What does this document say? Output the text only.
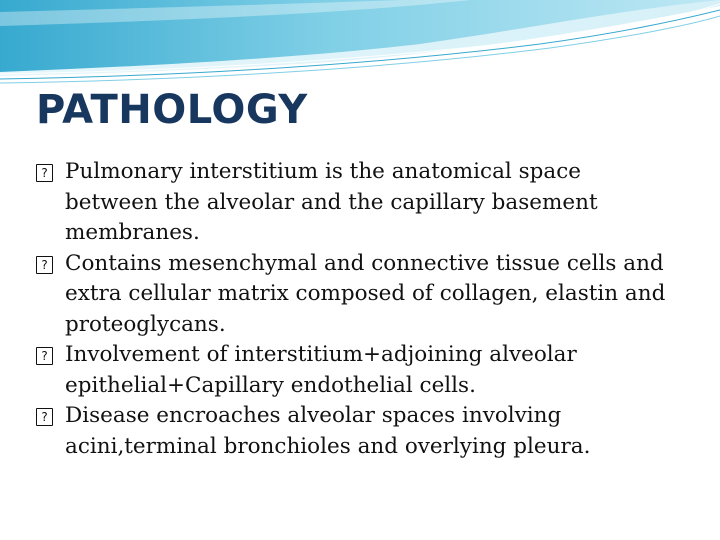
PATHOLOGY
? Pulmonary interstitium is the anatomical space between the alveolar and the capillary basement membranes.
? Contains mesenchymal and connective tissue cells and extra cellular matrix composed of collagen, elastin and proteoglycans.
? Involvement of interstitium+adjoining alveolar epithelial+Capillary endothelial cells.
? Disease encroaches alveolar spaces involving acini,terminal bronchioles and overlying pleura.
